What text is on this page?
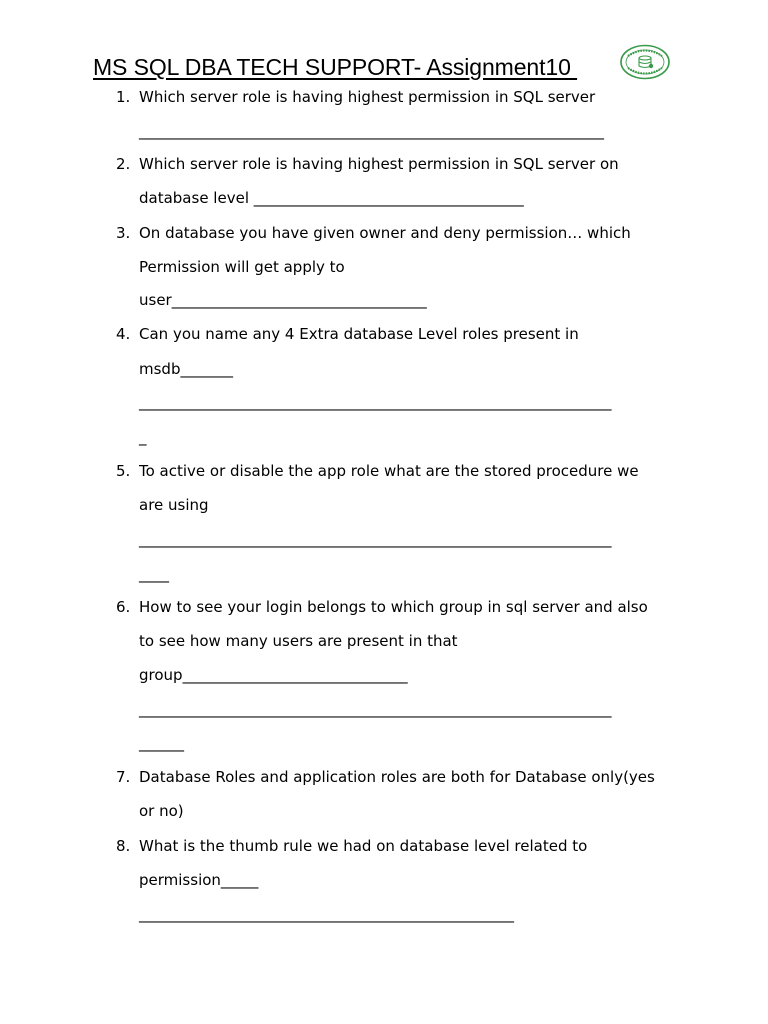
MS SQL DBA TECH SUPPORT- Assignment10
1. Which server role is having highest permission in SQL server
______________________________________________________________
2. Which server role is having highest permission in SQL server on
database level ____________________________________
3. On database you have given owner and deny permission… which
Permission will get apply to
user__________________________________
4. Can you name any 4 Extra database Level roles present in
msdb_______
_______________________________________________________________
_
5. To active or disable the app role what are the stored procedure we
are using
_______________________________________________________________
____
6. How to see your login belongs to which group in sql server and also
to see how many users are present in that
group______________________________
_______________________________________________________________
______
7. Database Roles and application roles are both for Database only(yes
or no)
8. What is the thumb rule we had on database level related to
permission_____
__________________________________________________
